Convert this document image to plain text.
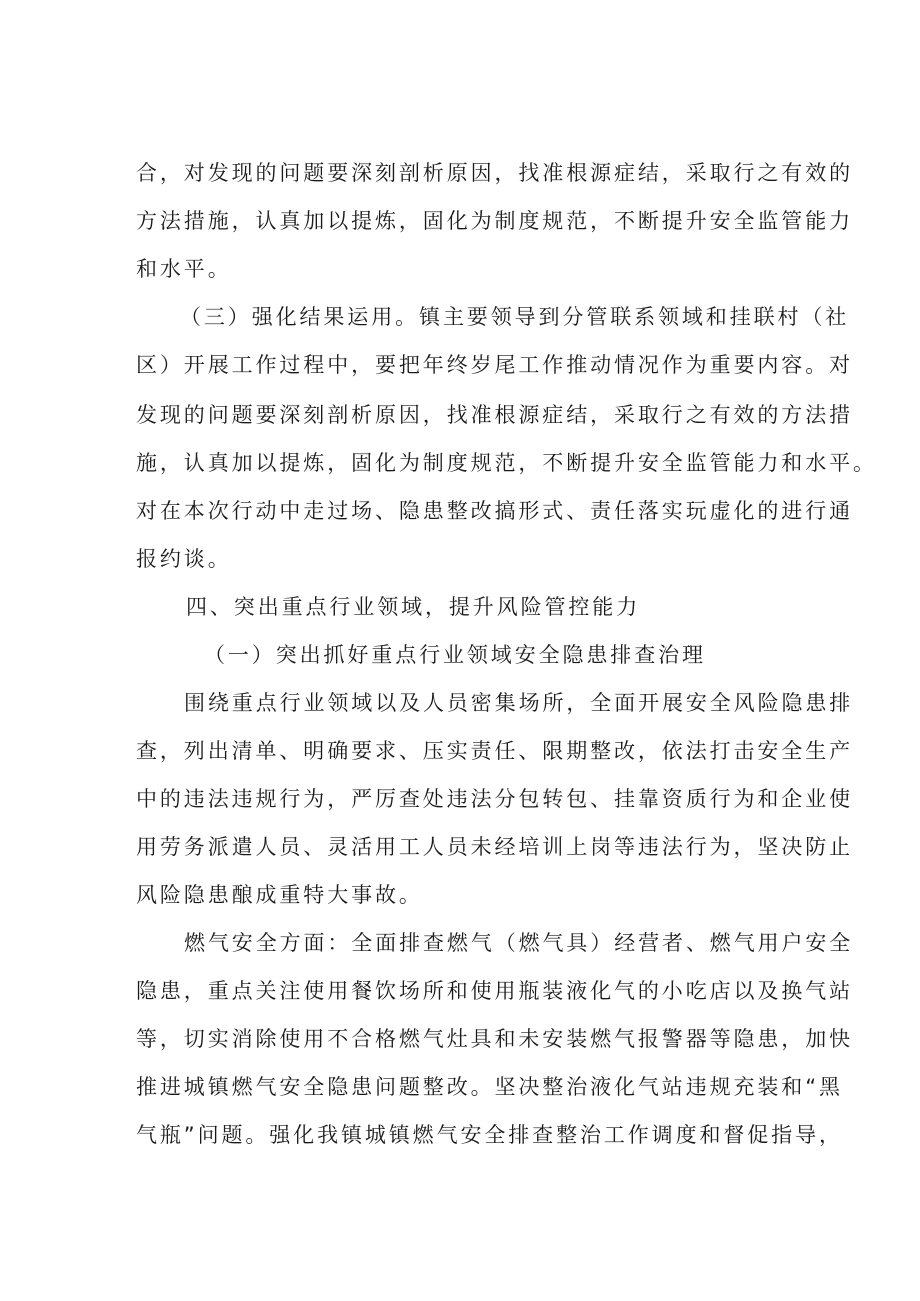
合，对发现的问题要深刻剖析原因，找准根源症结，采取行之有效的
方法措施，认真加以提炼，固化为制度规范，不断提升安全监管能力
和水平。
（三）强化结果运用。镇主要领导到分管联系领域和挂联村（社
区）开展工作过程中，要把年终岁尾工作推动情况作为重要内容。对
发现的问题要深刻剖析原因，找准根源症结，采取行之有效的方法措
施，认真加以提炼，固化为制度规范，不断提升安全监管能力和水平。
对在本次行动中走过场、隐患整改搞形式、责任落实玩虚化的进行通
报约谈。
四、突出重点行业领域，提升风险管控能力
（一）突出抓好重点行业领域安全隐患排查治理
围绕重点行业领域以及人员密集场所，全面开展安全风险隐患排
查，列出清单、明确要求、压实责任、限期整改，依法打击安全生产
中的违法违规行为，严厉查处违法分包转包、挂靠资质行为和企业使
用劳务派遣人员、灵活用工人员未经培训上岗等违法行为，坚决防止
风险隐患酿成重特大事故。
燃气安全方面：全面排查燃气（燃气具）经营者、燃气用户安全
隐患，重点关注使用餐饮场所和使用瓶装液化气的小吃店以及换气站
等，切实消除使用不合格燃气灶具和未安装燃气报警器等隐患，加快
推进城镇燃气安全隐患问题整改。坚决整治液化气站违规充装和“黑
气瓶”问题。强化我镇城镇燃气安全排查整治工作调度和督促指导，
